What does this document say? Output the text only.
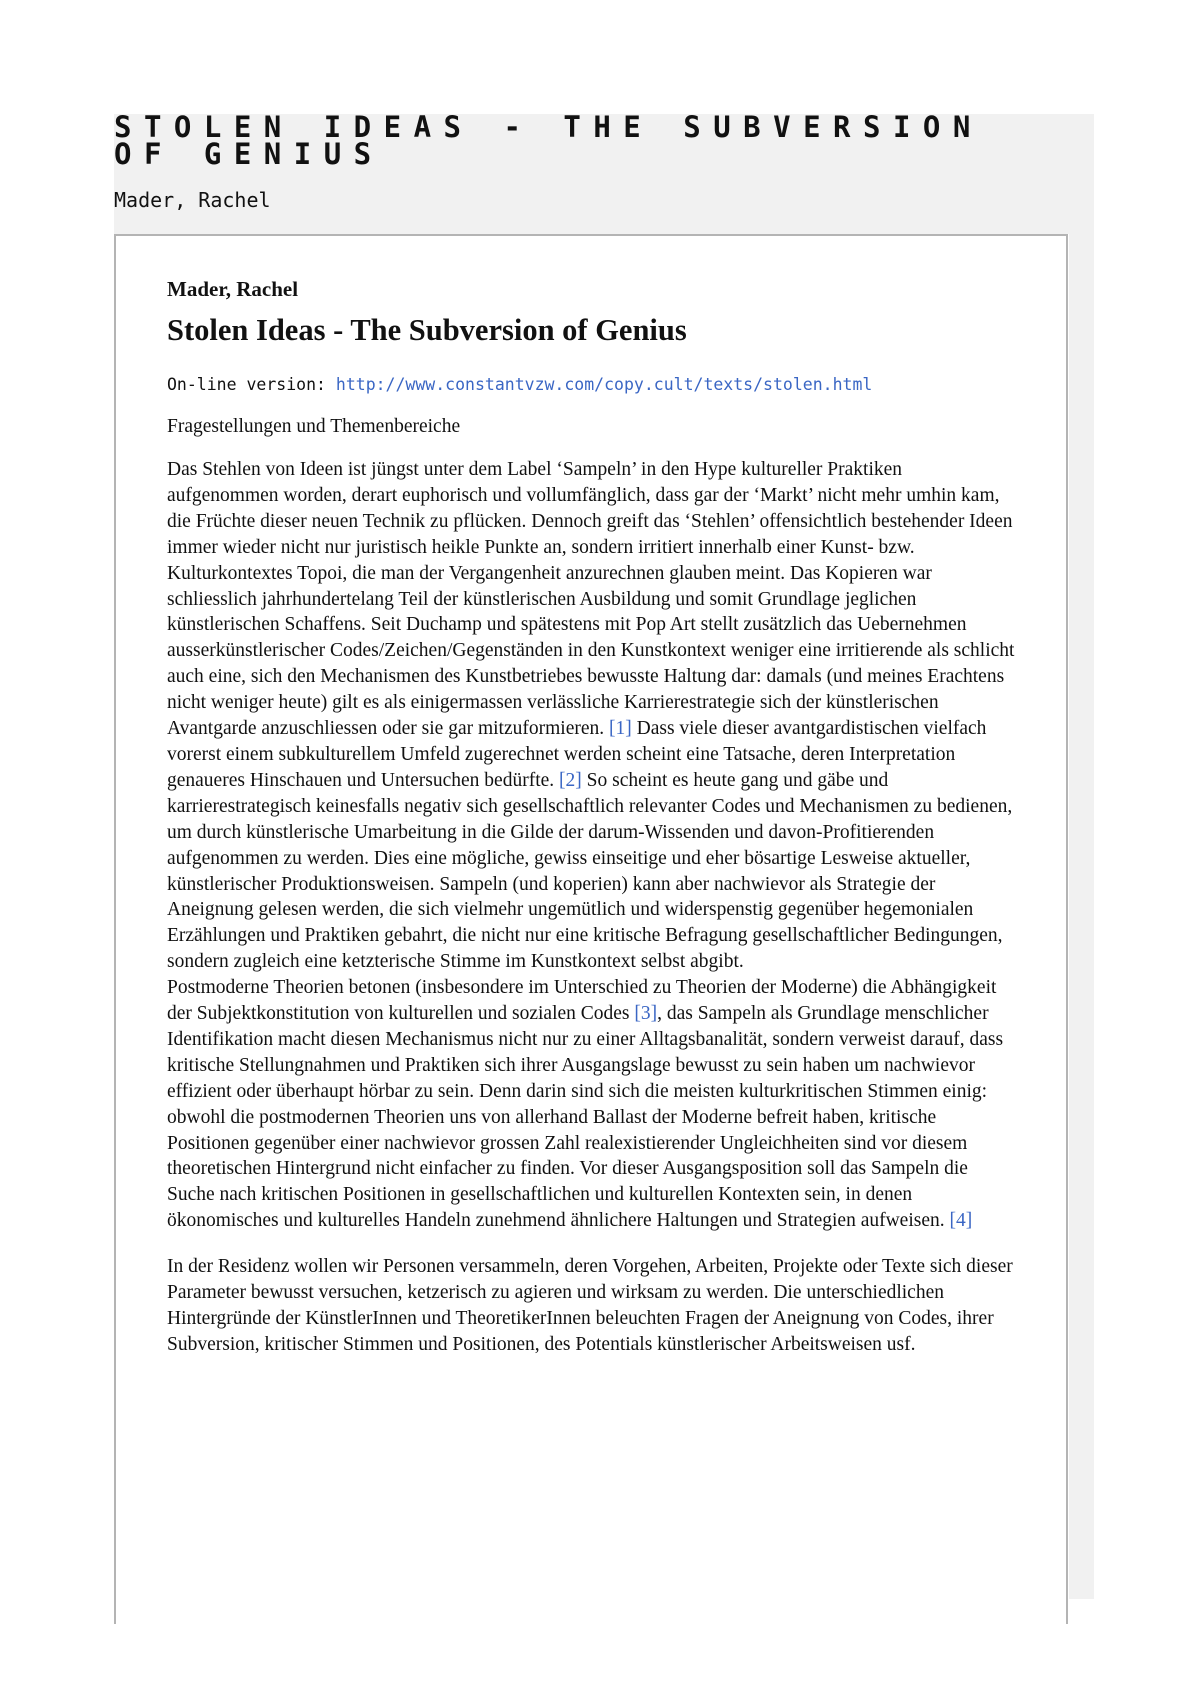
STOLEN IDEAS - THE SUBVERSION OF GENIUS
Mader, Rachel

Mader, Rachel

Stolen Ideas - The Subversion of Genius

On-line version: http://www.constantvzw.com/copy.cult/texts/stolen.html

Fragestellungen und Themenbereiche

Das Stehlen von Ideen ist jüngst unter dem Label ‘Sampeln’ in den Hype kultureller Praktiken aufgenommen worden, derart euphorisch und vollumfänglich, dass gar der ‘Markt’ nicht mehr umhin kam, die Früchte dieser neuen Technik zu pflücken. Dennoch greift das ‘Stehlen’ offensichtlich bestehender Ideen immer wieder nicht nur juristisch heikle Punkte an, sondern irritiert innerhalb einer Kunst- bzw. Kulturkontextes Topoi, die man der Vergangenheit anzurechnen glauben meint. Das Kopieren war schliesslich jahrhundertelang Teil der künstlerischen Ausbildung und somit Grundlage jeglichen künstlerischen Schaffens. Seit Duchamp und spätestens mit Pop Art stellt zusätzlich das Uebernehmen ausserkünstlerischer Codes/Zeichen/Gegenständen in den Kunstkontext weniger eine irritierende als schlicht auch eine, sich den Mechanismen des Kunstbetriebes bewusste Haltung dar: damals (und meines Erachtens nicht weniger heute) gilt es als einigermassen verlässliche Karrierestrategie sich der künstlerischen Avantgarde anzuschliessen oder sie gar mitzuformieren. [1] Dass viele dieser avantgardistischen vielfach vorerst einem subkulturellem Umfeld zugerechnet werden scheint eine Tatsache, deren Interpretation genaueres Hinschauen und Untersuchen bedürfte. [2] So scheint es heute gang und gäbe und karrierestrategisch keinesfalls negativ sich gesellschaftlich relevanter Codes und Mechanismen zu bedienen, um durch künstlerische Umarbeitung in die Gilde der darum-Wissenden und davon-Profitierenden aufgenommen zu werden. Dies eine mögliche, gewiss einseitige und eher bösartige Lesweise aktueller, künstlerischer Produktionsweisen. Sampeln (und koperien) kann aber nachwievor als Strategie der Aneignung gelesen werden, die sich vielmehr ungemütlich und widerspenstig gegenüber hegemonialen Erzählungen und Praktiken gebahrt, die nicht nur eine kritische Befragung gesellschaftlicher Bedingungen, sondern zugleich eine ketzterische Stimme im Kunstkontext selbst abgibt.

Postmoderne Theorien betonen (insbesondere im Unterschied zu Theorien der Moderne) die Abhängigkeit der Subjektkonstitution von kulturellen und sozialen Codes [3], das Sampeln als Grundlage menschlicher Identifikation macht diesen Mechanismus nicht nur zu einer Alltagsbanalität, sondern verweist darauf, dass kritische Stellungnahmen und Praktiken sich ihrer Ausgangslage bewusst zu sein haben um nachwievor effizient oder überhaupt hörbar zu sein. Denn darin sind sich die meisten kulturkritischen Stimmen einig: obwohl die postmodernen Theorien uns von allerhand Ballast der Moderne befreit haben, kritische Positionen gegenüber einer nachwievor grossen Zahl realexistierender Ungleichheiten sind vor diesem theoretischen Hintergrund nicht einfacher zu finden. Vor dieser Ausgangsposition soll das Sampeln die Suche nach kritischen Positionen in gesellschaftlichen und kulturellen Kontexten sein, in denen ökonomisches und kulturelles Handeln zunehmend ähnlichere Haltungen und Strategien aufweisen. [4]

In der Residenz wollen wir Personen versammeln, deren Vorgehen, Arbeiten, Projekte oder Texte sich dieser Parameter bewusst versuchen, ketzerisch zu agieren und wirksam zu werden. Die unterschiedlichen Hintergründe der KünstlerInnen und TheoretikerInnen beleuchten Fragen der Aneignung von Codes, ihrer Subversion, kritischer Stimmen und Positionen, des Potentials künstlerischer Arbeitsweisen usf.
